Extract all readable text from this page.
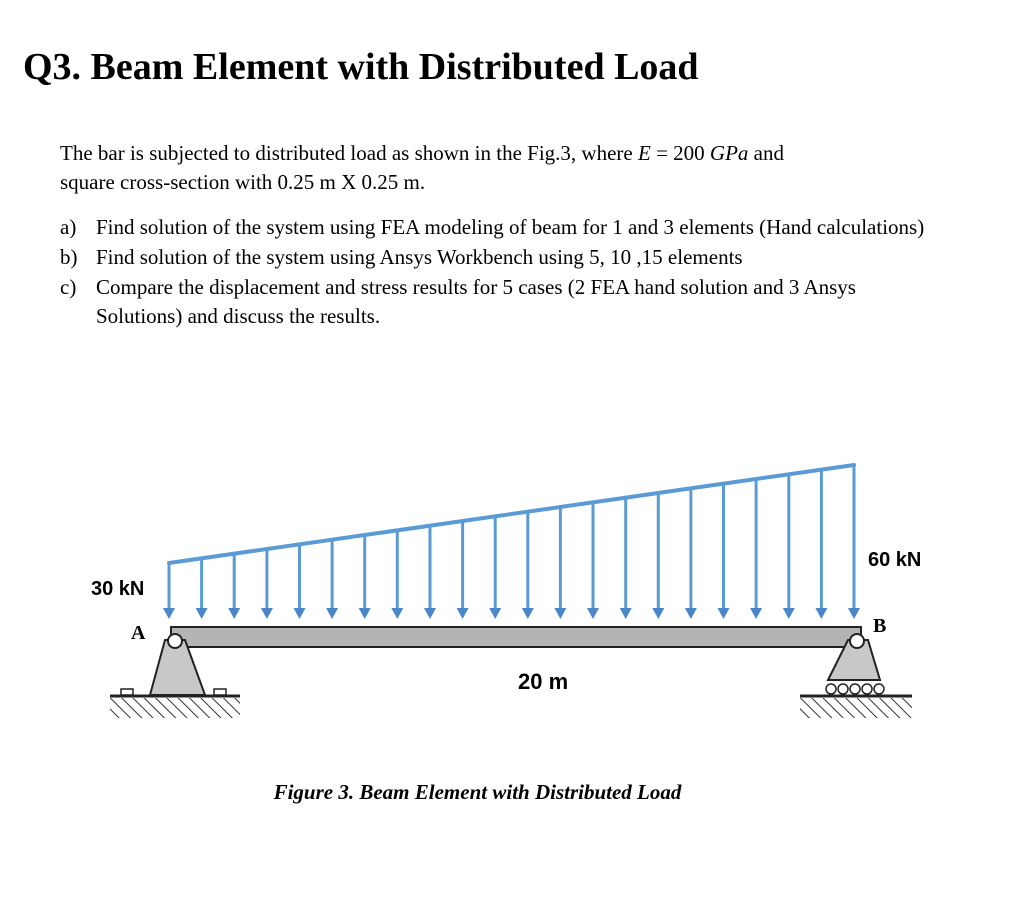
Q3. Beam Element with Distributed Load

The bar is subjected to distributed load as shown in the Fig.3, where E = 200 GPa and
square cross-section with 0.25 m X 0.25 m.

a) Find solution of the system using FEA modeling of beam for 1 and 3 elements (Hand calculations)
b) Find solution of the system using Ansys Workbench using 5, 10 ,15 elements
c) Compare the displacement and stress results for 5 cases (2 FEA hand solution and 3 Ansys Solutions) and discuss the results.
30 kN
60 kN
A	B
20 m
Figure 3. Beam Element with Distributed Load
